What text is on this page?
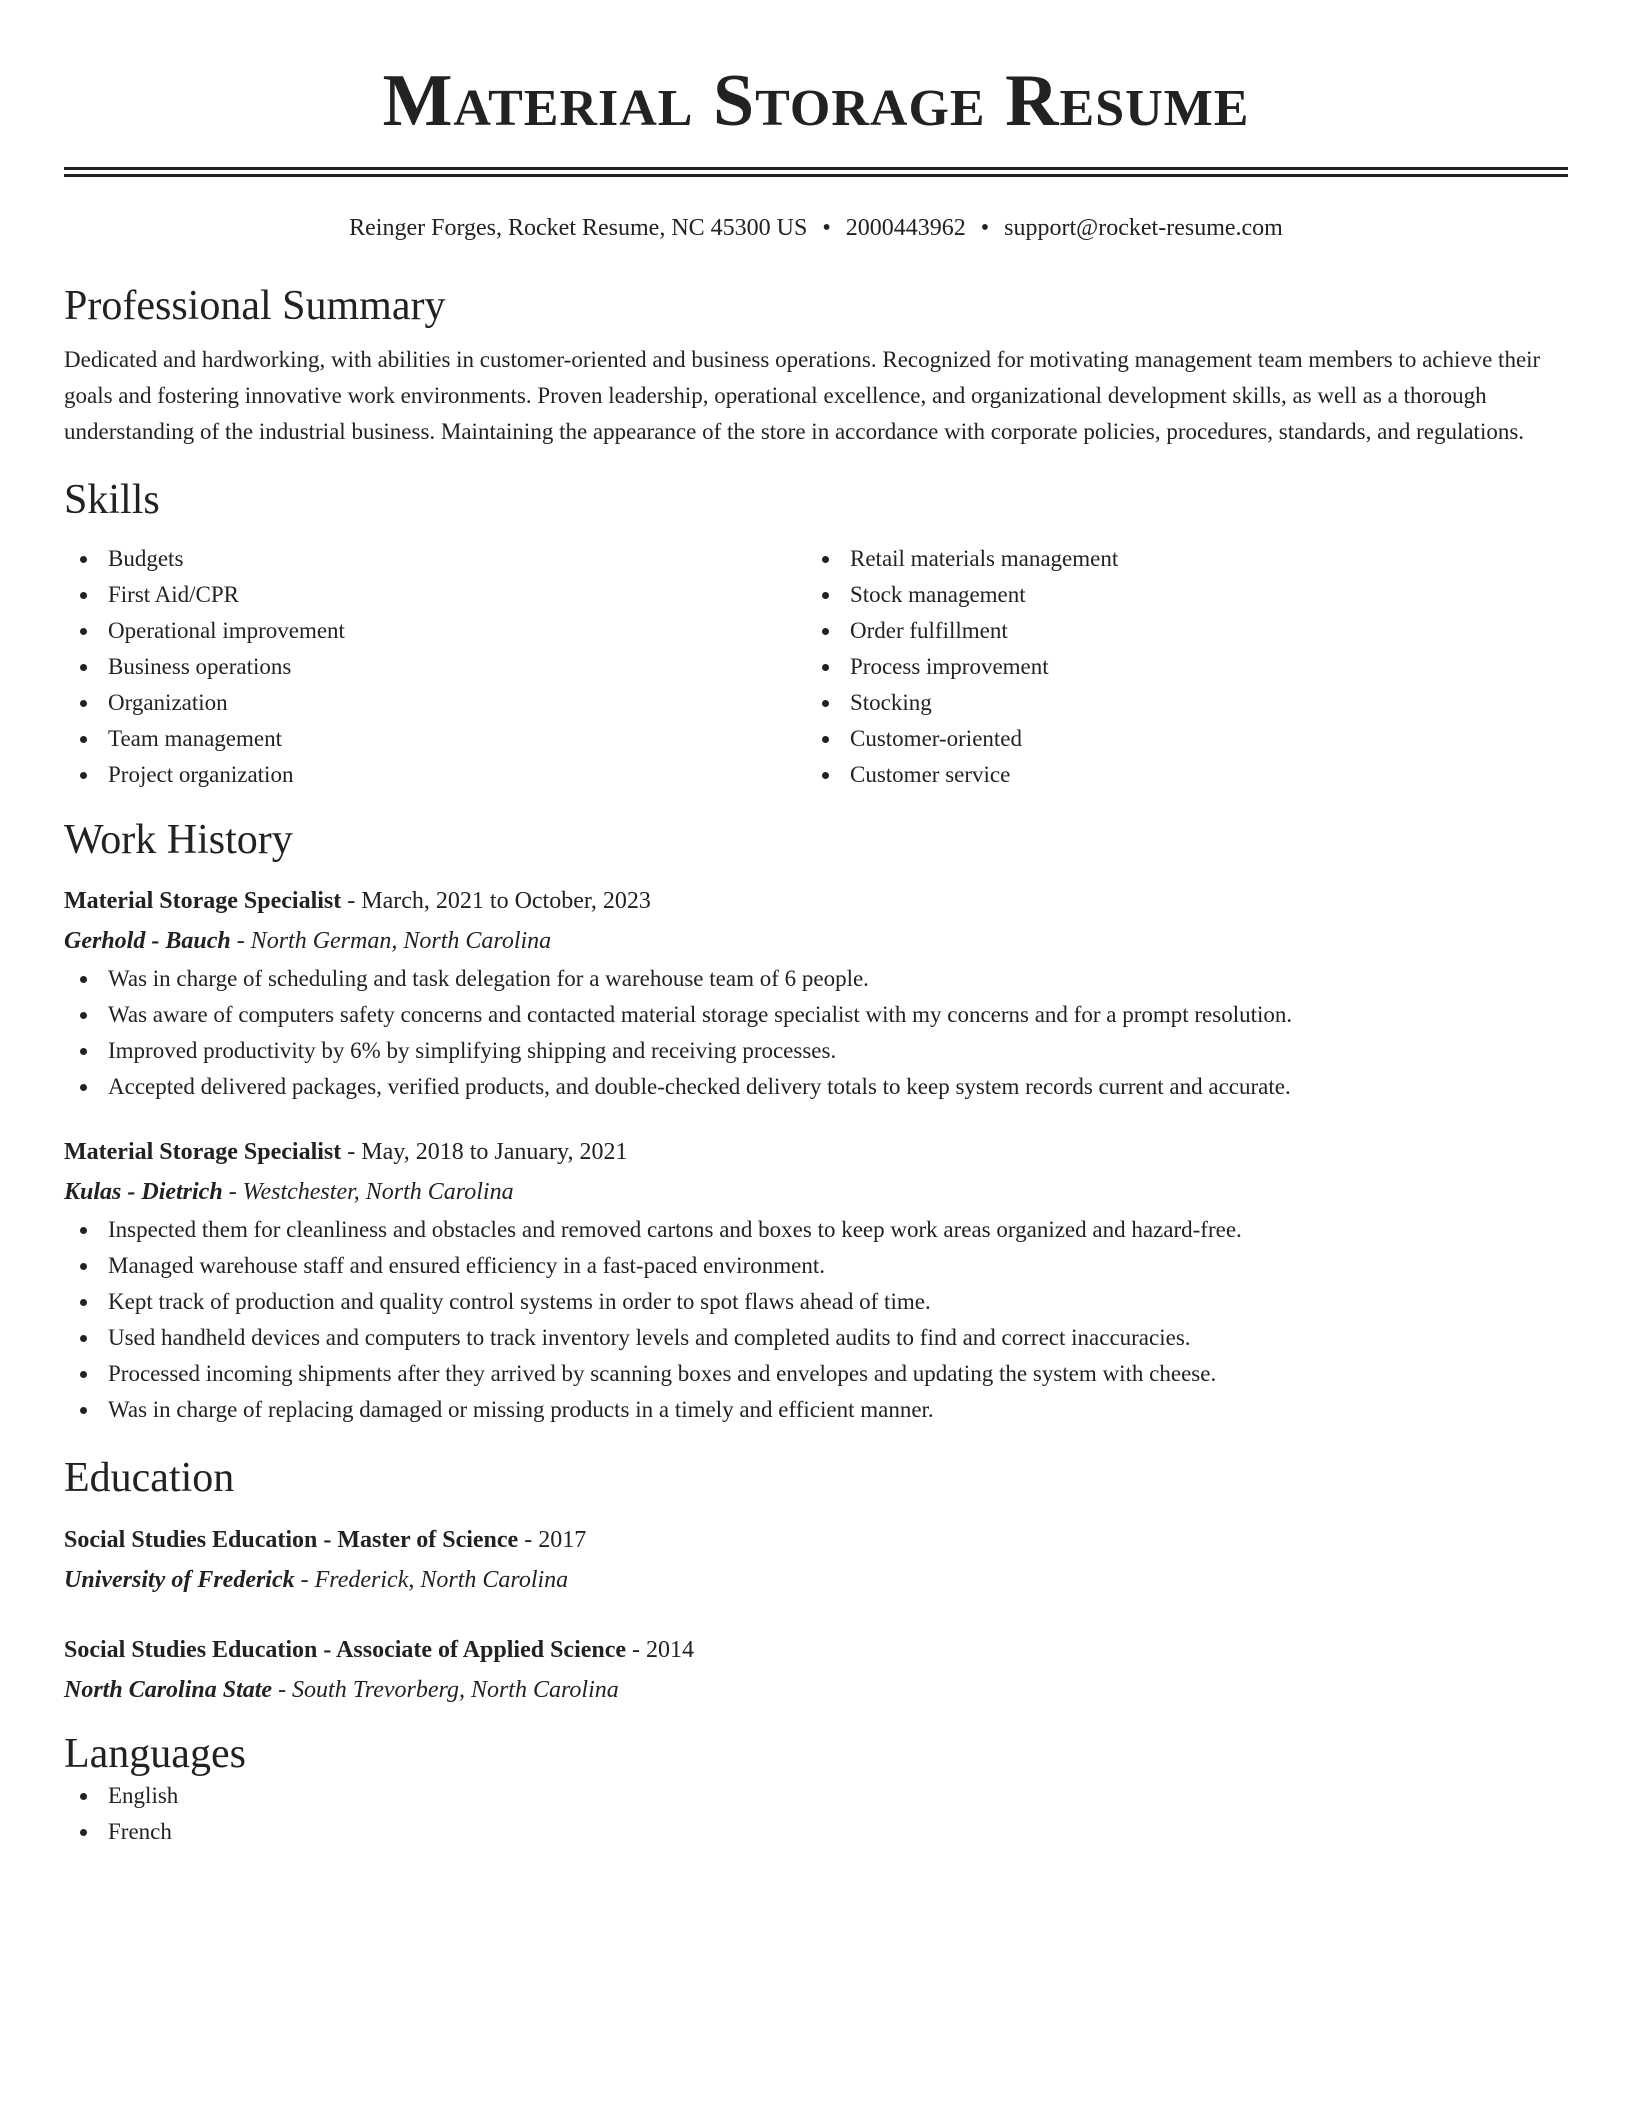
Material Storage Resume
Reinger Forges, Rocket Resume, NC 45300 US • 2000443962 • support@rocket-resume.com
Professional Summary
Dedicated and hardworking, with abilities in customer-oriented and business operations. Recognized for motivating management team members to achieve their goals and fostering innovative work environments. Proven leadership, operational excellence, and organizational development skills, as well as a thorough understanding of the industrial business. Maintaining the appearance of the store in accordance with corporate policies, procedures, standards, and regulations.
Skills
Budgets
First Aid/CPR
Operational improvement
Business operations
Organization
Team management
Project organization
Retail materials management
Stock management
Order fulfillment
Process improvement
Stocking
Customer-oriented
Customer service
Work History
Material Storage Specialist - March, 2021 to October, 2023
Gerhold - Bauch - North German, North Carolina
Was in charge of scheduling and task delegation for a warehouse team of 6 people.
Was aware of computers safety concerns and contacted material storage specialist with my concerns and for a prompt resolution.
Improved productivity by 6% by simplifying shipping and receiving processes.
Accepted delivered packages, verified products, and double-checked delivery totals to keep system records current and accurate.
Material Storage Specialist - May, 2018 to January, 2021
Kulas - Dietrich - Westchester, North Carolina
Inspected them for cleanliness and obstacles and removed cartons and boxes to keep work areas organized and hazard-free.
Managed warehouse staff and ensured efficiency in a fast-paced environment.
Kept track of production and quality control systems in order to spot flaws ahead of time.
Used handheld devices and computers to track inventory levels and completed audits to find and correct inaccuracies.
Processed incoming shipments after they arrived by scanning boxes and envelopes and updating the system with cheese.
Was in charge of replacing damaged or missing products in a timely and efficient manner.
Education
Social Studies Education - Master of Science - 2017
University of Frederick - Frederick, North Carolina
Social Studies Education - Associate of Applied Science - 2014
North Carolina State - South Trevorberg, North Carolina
Languages
English
French
